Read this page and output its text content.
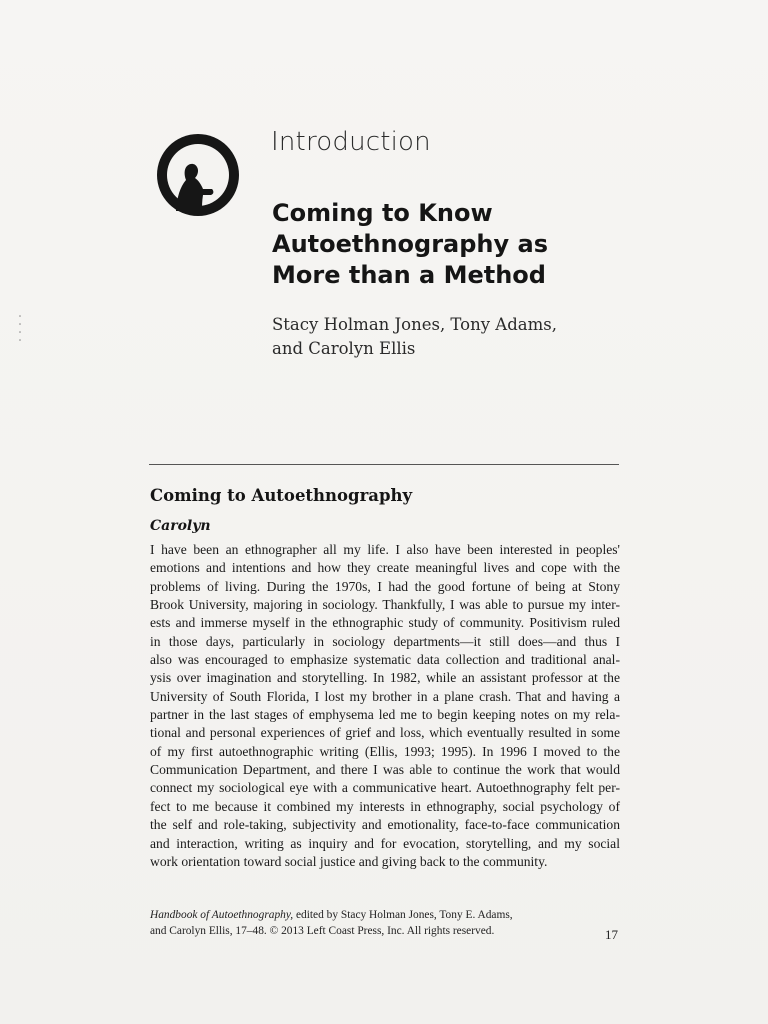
Introduction
Coming to Know
Autoethnography as
More than a Method
Stacy Holman Jones, Tony Adams,
and Carolyn Ellis
Coming to Autoethnography
Carolyn
I have been an ethnographer all my life. I also have been interested in peoples'
emotions and intentions and how they create meaningful lives and cope with the
problems of living. During the 1970s, I had the good fortune of being at Stony
Brook University, majoring in sociology. Thankfully, I was able to pursue my inter-
ests and immerse myself in the ethnographic study of community. Positivism ruled
in those days, particularly in sociology departments—it still does—and thus I
also was encouraged to emphasize systematic data collection and traditional anal-
ysis over imagination and storytelling. In 1982, while an assistant professor at the
University of South Florida, I lost my brother in a plane crash. That and having a
partner in the last stages of emphysema led me to begin keeping notes on my rela-
tional and personal experiences of grief and loss, which eventually resulted in some
of my first autoethnographic writing (Ellis, 1993; 1995). In 1996 I moved to the
Communication Department, and there I was able to continue the work that would
connect my sociological eye with a communicative heart. Autoethnography felt per-
fect to me because it combined my interests in ethnography, social psychology of
the self and role-taking, subjectivity and emotionality, face-to-face communication
and interaction, writing as inquiry and for evocation, storytelling, and my social
work orientation toward social justice and giving back to the community.
Handbook of Autoethnography, edited by Stacy Holman Jones, Tony E. Adams,
and Carolyn Ellis, 17–48. © 2013 Left Coast Press, Inc. All rights reserved.	17
